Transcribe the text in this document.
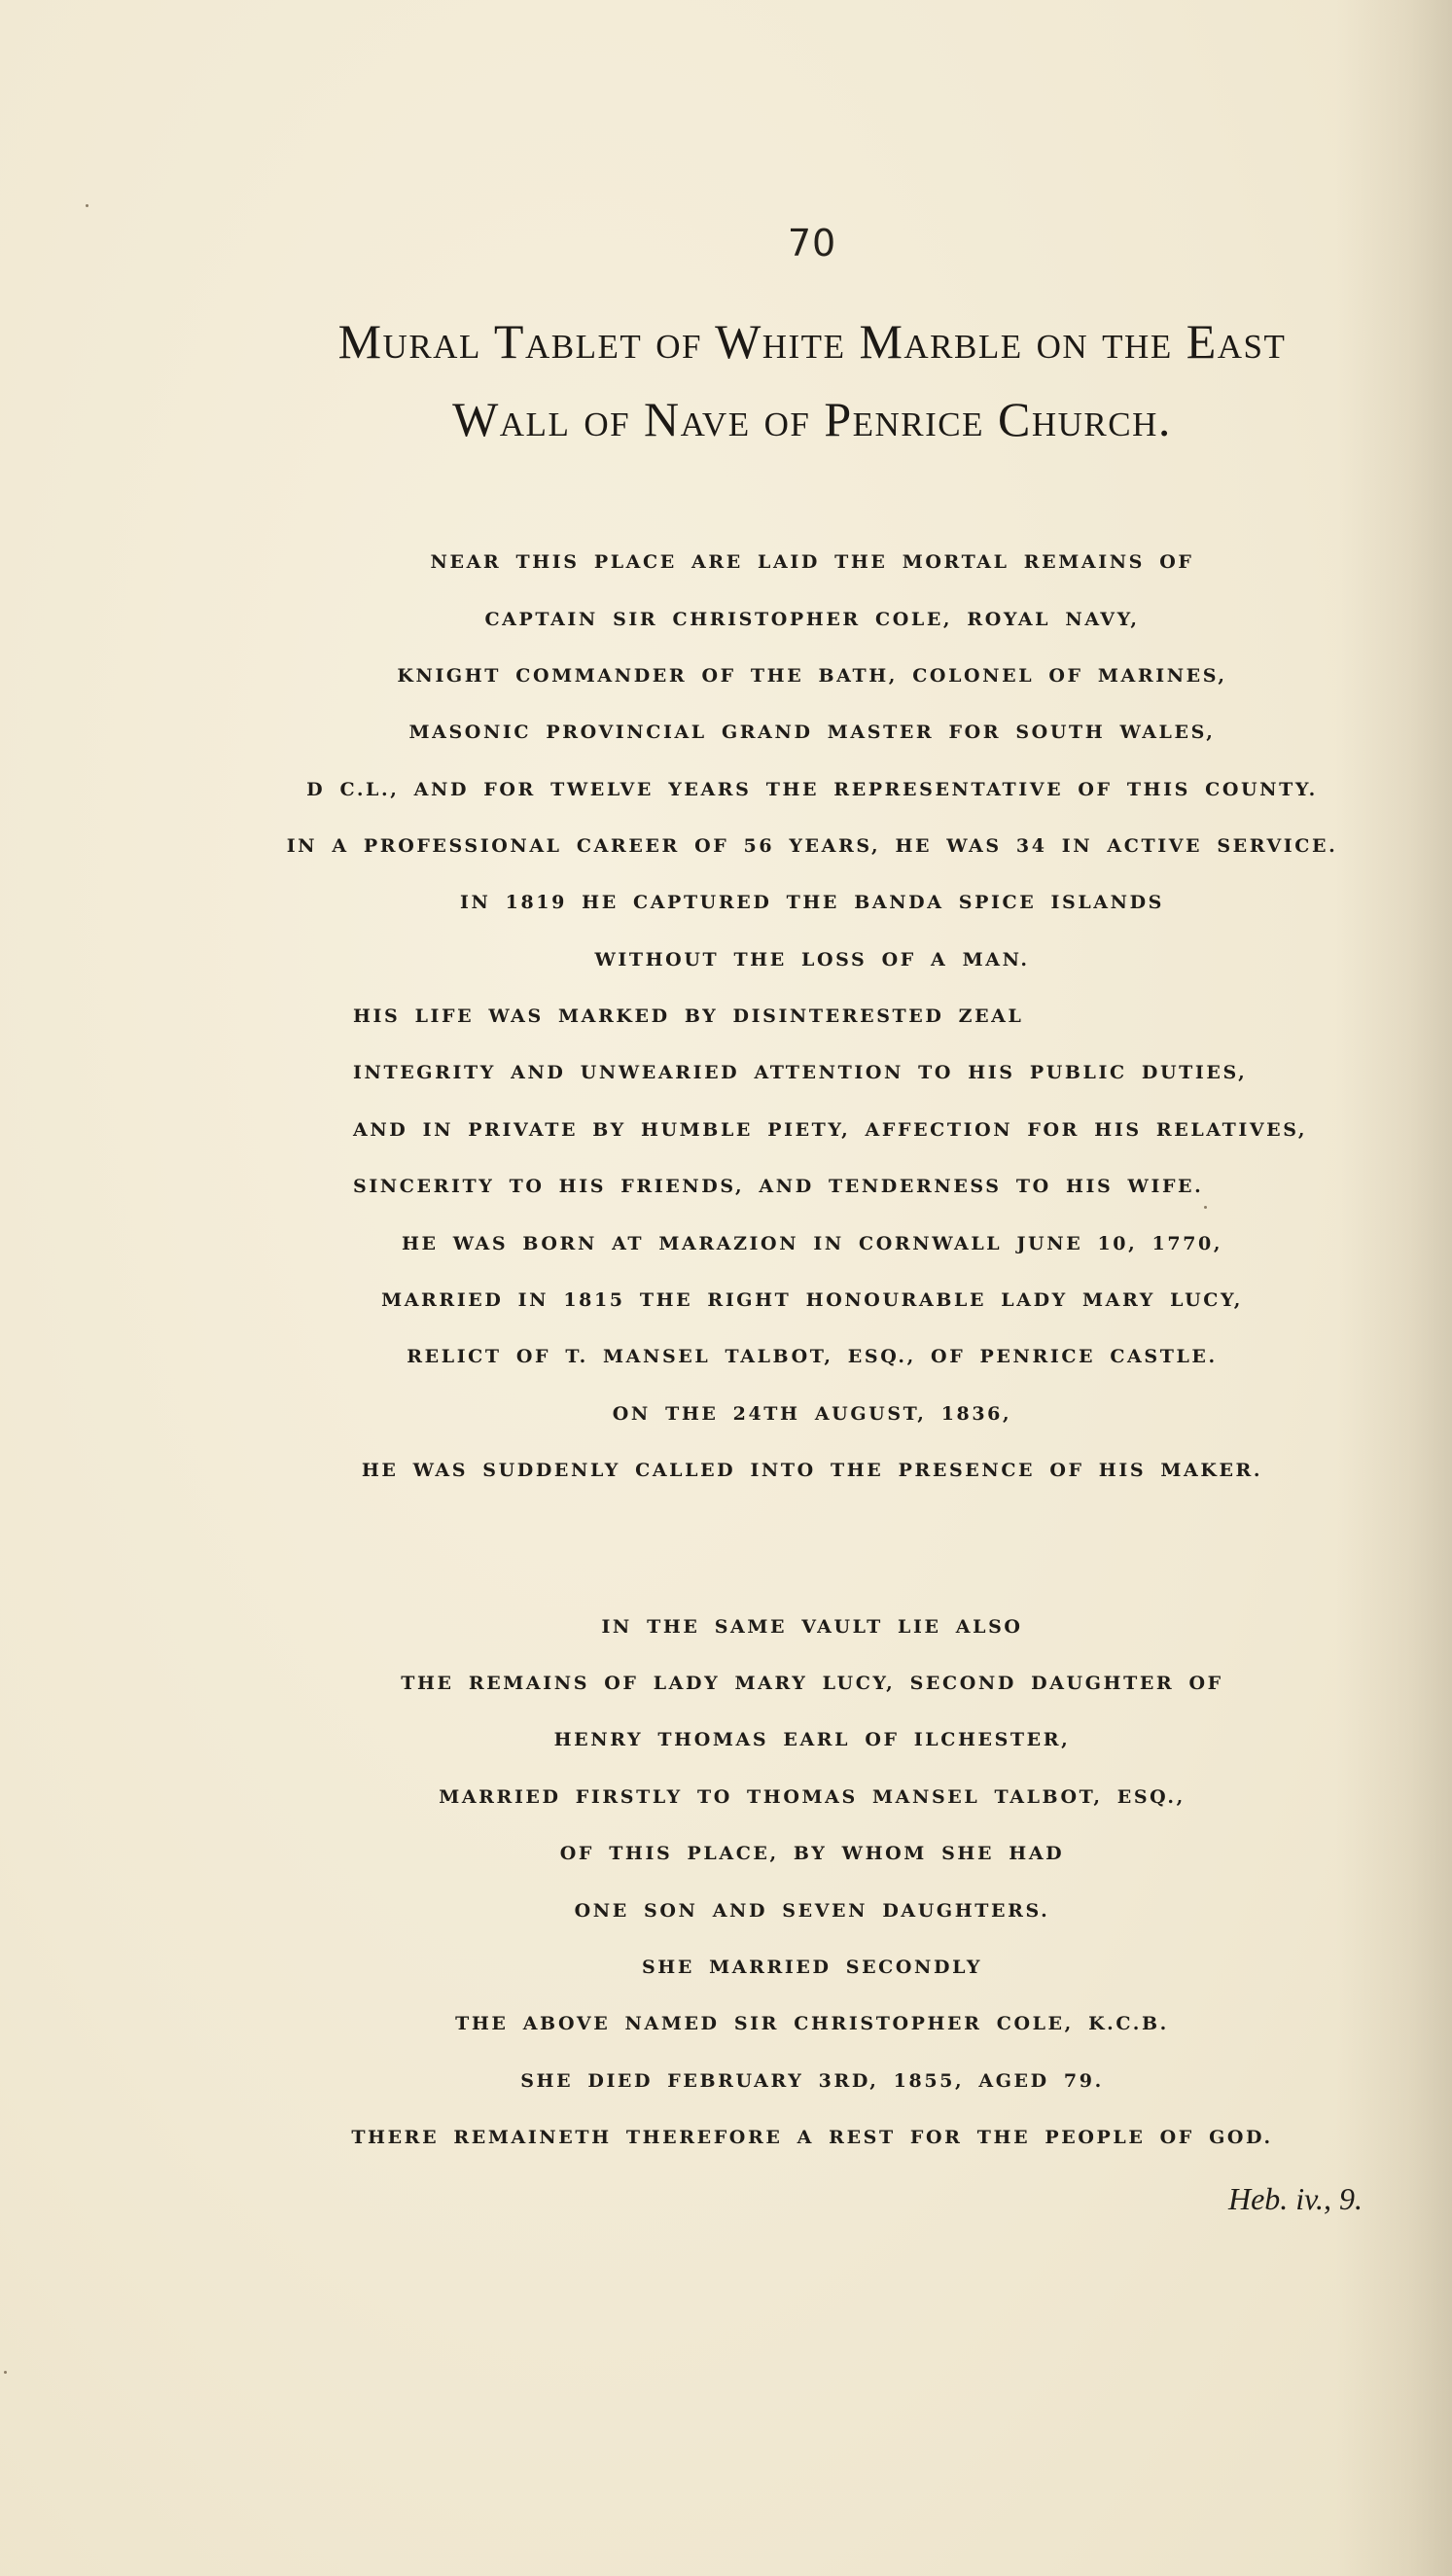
70
Mural Tablet of White Marble on the East
Wall of Nave of Penrice Church.
NEAR THIS PLACE ARE LAID THE MORTAL REMAINS OF
CAPTAIN SIR CHRISTOPHER COLE, ROYAL NAVY,
KNIGHT COMMANDER OF THE BATH, COLONEL OF MARINES,
MASONIC PROVINCIAL GRAND MASTER FOR SOUTH WALES,
D C.L., AND FOR TWELVE YEARS THE REPRESENTATIVE OF THIS COUNTY.
IN A PROFESSIONAL CAREER OF 56 YEARS, HE WAS 34 IN ACTIVE SERVICE.
IN 1819 HE CAPTURED THE BANDA SPICE ISLANDS
WITHOUT THE LOSS OF A MAN.
HIS LIFE WAS MARKED BY DISINTERESTED ZEAL
INTEGRITY AND UNWEARIED ATTENTION TO HIS PUBLIC DUTIES,
AND IN PRIVATE BY HUMBLE PIETY, AFFECTION FOR HIS RELATIVES,
SINCERITY TO HIS FRIENDS, AND TENDERNESS TO HIS WIFE.
HE WAS BORN AT MARAZION IN CORNWALL JUNE 10, 1770,
MARRIED IN 1815 THE RIGHT HONOURABLE LADY MARY LUCY,
RELICT OF T. MANSEL TALBOT, ESQ., OF PENRICE CASTLE.
ON THE 24TH AUGUST, 1836,
HE WAS SUDDENLY CALLED INTO THE PRESENCE OF HIS MAKER.
IN THE SAME VAULT LIE ALSO
THE REMAINS OF LADY MARY LUCY, SECOND DAUGHTER OF
HENRY THOMAS EARL OF ILCHESTER,
MARRIED FIRSTLY TO THOMAS MANSEL TALBOT, ESQ.,
OF THIS PLACE, BY WHOM SHE HAD
ONE SON AND SEVEN DAUGHTERS.
SHE MARRIED SECONDLY
THE ABOVE NAMED SIR CHRISTOPHER COLE, K.C.B.
SHE DIED FEBRUARY 3RD, 1855, AGED 79.
THERE REMAINETH THEREFORE A REST FOR THE PEOPLE OF GOD.
Heb. iv., 9.
